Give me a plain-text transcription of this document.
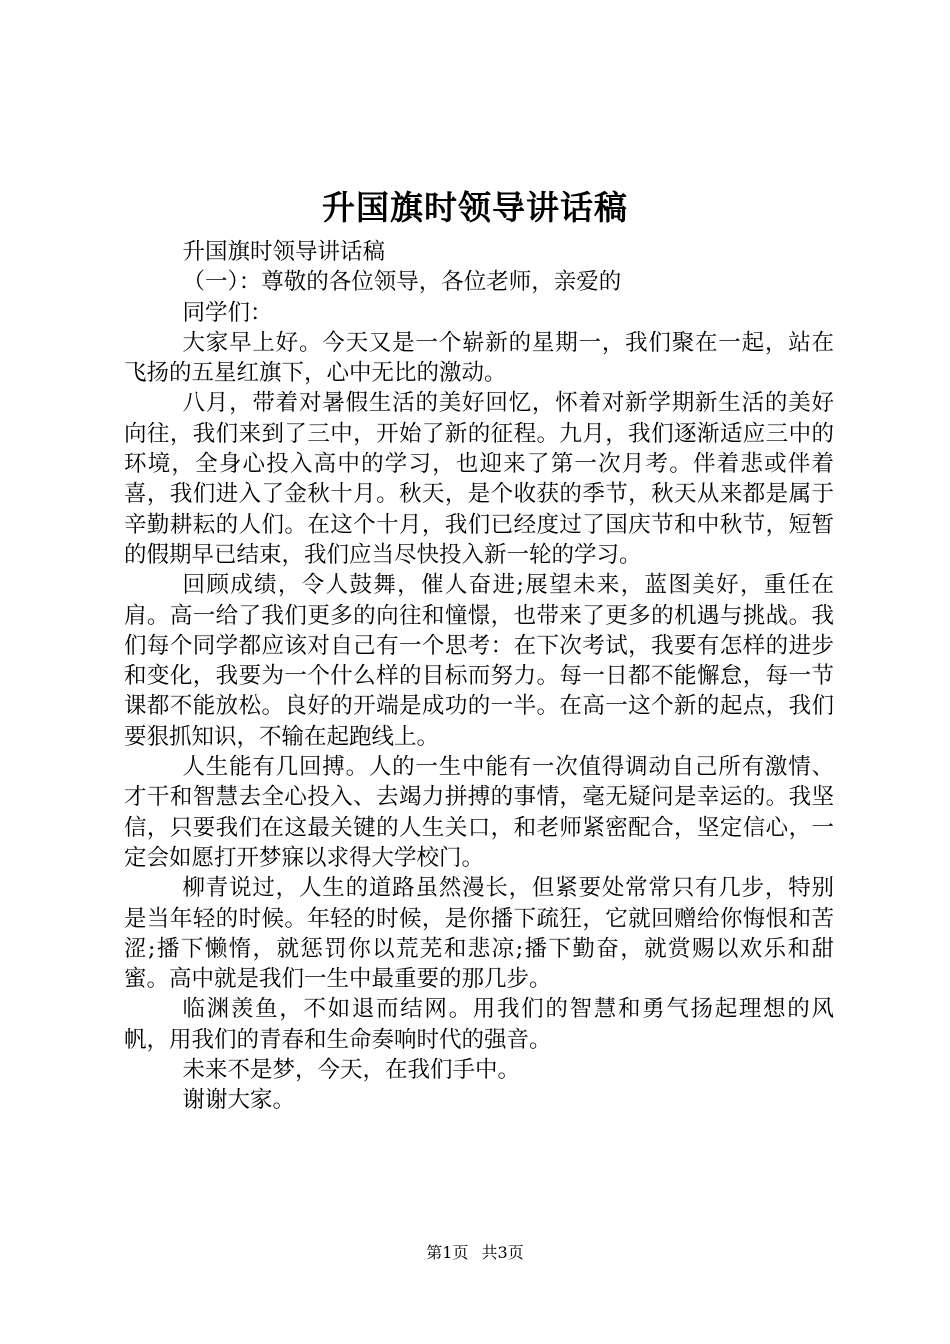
升国旗时领导讲话稿

升国旗时领导讲话稿

（一）：尊敬的各位领导，各位老师，亲爱的

同学们：

大家早上好。今天又是一个崭新的星期一，我们聚在一起，站在飞扬的五星红旗下，心中无比的激动。

八月，带着对暑假生活的美好回忆，怀着对新学期新生活的美好向往，我们来到了三中，开始了新的征程。九月，我们逐渐适应三中的环境，全身心投入高中的学习，也迎来了第一次月考。伴着悲或伴着喜，我们进入了金秋十月。秋天，是个收获的季节，秋天从来都是属于辛勤耕耘的人们。在这个十月，我们已经度过了国庆节和中秋节，短暂的假期早已结束，我们应当尽快投入新一轮的学习。

回顾成绩，令人鼓舞，催人奋进;展望未来，蓝图美好，重任在肩。高一给了我们更多的向往和憧憬，也带来了更多的机遇与挑战。我们每个同学都应该对自己有一个思考：在下次考试，我要有怎样的进步和变化，我要为一个什么样的目标而努力。每一日都不能懈怠，每一节课都不能放松。良好的开端是成功的一半。在高一这个新的起点，我们要狠抓知识，不输在起跑线上。

人生能有几回搏。人的一生中能有一次值得调动自己所有激情、才干和智慧去全心投入、去竭力拼搏的事情，毫无疑问是幸运的。我坚信，只要我们在这最关键的人生关口，和老师紧密配合，坚定信心，一定会如愿打开梦寐以求得大学校门。

柳青说过，人生的道路虽然漫长，但紧要处常常只有几步，特别是当年轻的时候。年轻的时候，是你播下疏狂，它就回赠给你悔恨和苦涩;播下懒惰，就惩罚你以荒芜和悲凉;播下勤奋，就赏赐以欢乐和甜蜜。高中就是我们一生中最重要的那几步。

临渊羡鱼，不如退而结网。用我们的智慧和勇气扬起理想的风帆，用我们的青春和生命奏响时代的强音。

未来不是梦，今天，在我们手中。

谢谢大家。

第1页 共3页
